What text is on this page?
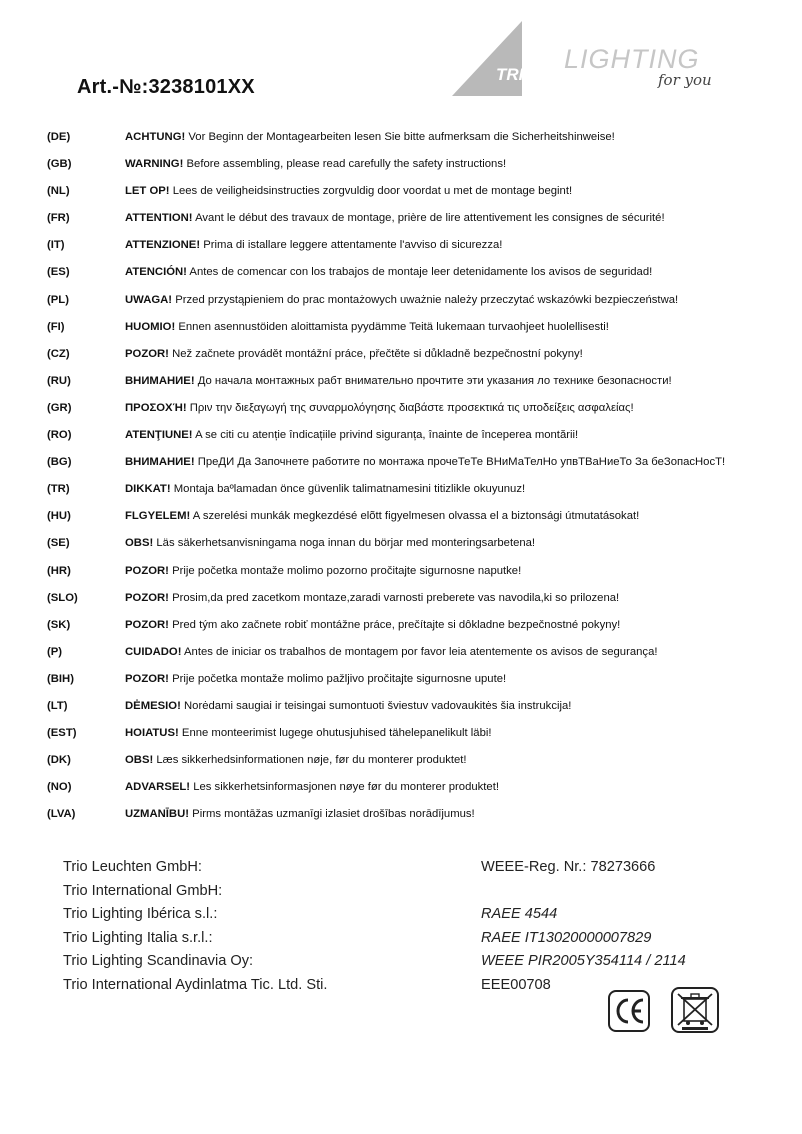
Art.-№:3238101XX
TRIO
LIGHTING
for you
(DE)	ACHTUNG! Vor Beginn der Montagearbeiten lesen Sie bitte aufmerksam die Sicherheitshinweise!
(GB)	WARNING! Before assembling, please read carefully the safety instructions!
(NL)	LET OP! Lees de veiligheidsinstructies zorgvuldig door voordat u met de montage begint!
(FR)	ATTENTION! Avant le début des travaux de montage, prière de lire attentivement les consignes de sécurité!
(IT)	ATTENZIONE! Prima di istallare leggere attentamente l'avviso di sicurezza!
(ES)	ATENCIÓN! Antes de comencar con los trabajos de montaje leer detenidamente los avisos de seguridad!
(PL)	UWAGA! Przed przystąpieniem do prac montażowych uważnie należy przeczytać wskazówki bezpieczeństwa!
(FI)	HUOMIO! Ennen asennustöiden aloittamista pyydämme Teitä lukemaan turvaohjeet huolellisesti!
(CZ)	POZOR! Než začnete provádět montážní práce, přečtěte si důkladně bezpečnostní pokyny!
(RU)	ВНИМАНИЕ! До начала монтажных рабт внимательно прочтите эти указания ло технике безопасности!
(GR)	ΠΡΟΣΟΧΉ! Πριν την διεξαγωγή της συναρμολόγησης διαβάστε προσεκτικά τις υποδείξεις ασφαλείας!
(RO)	ATENŢIUNE! A se citi cu atenție îndicațiile privind siguranța, înainte de începerea montării!
(BG)	ВНИМАНИЕ! ПреДИ Да Започнете работите по монтажа прочеТеТе ВНиМаТелНо упвТВаНиеТо За беЗопасНосТ!
(TR)	DIKKAT! Montaja baºlamadan önce güvenlik talimatnamesini titizlikle okuyunuz!
(HU)	FLGYELEM! A szerelési munkák megkezdésé elõtt figyelmesen olvassa el a biztonsági útmutatásokat!
(SE)	OBS! Läs säkerhetsanvisningama noga innan du börjar med monteringsarbetena!
(HR)	POZOR! Prije početka montaže molimo pozorno pročitajte sigurnosne naputke!
(SLO)	POZOR! Prosim,da pred zacetkom montaze,zaradi varnosti preberete vas navodila,ki so prilozena!
(SK)	POZOR! Pred tým ako začnete robiť montážne práce, prečítajte si dôkladne bezpečnostné pokyny!
(P)	CUIDADO! Antes de iniciar os trabalhos de montagem por favor leia atentemente os avisos de segurança!
(BIH)	POZOR! Prije početka montaže molimo pažljivo pročitajte sigurnosne upute!
(LT)	DĖMESIO! Norėdami saugiai ir teisingai sumontuoti šviestuv vadovaukitės šia instrukcija!
(EST)	HOIATUS! Enne monteerimist lugege ohutusjuhised tähelepanelikult läbi!
(DK)	OBS! Læs sikkerhedsinformationen nøje, før du monterer produktet!
(NO)	ADVARSEL! Les sikkerhetsinformasjonen nøye før du monterer produktet!
(LVA)	UZMANĪBU! Pirms montāžas uzmanīgi izlasiet drošības norādījumus!
Trio Leuchten GmbH:	WEEE-Reg. Nr.: 78273666
Trio International GmbH:
Trio Lighting Ibérica s.l.:	RAEE 4544
Trio Lighting Italia s.r.l.:	RAEE IT13020000007829
Trio Lighting Scandinavia Oy:	WEEE PIR2005Y354114 / 2114
Trio International Aydinlatma Tic. Ltd. Sti.	EEE00708
